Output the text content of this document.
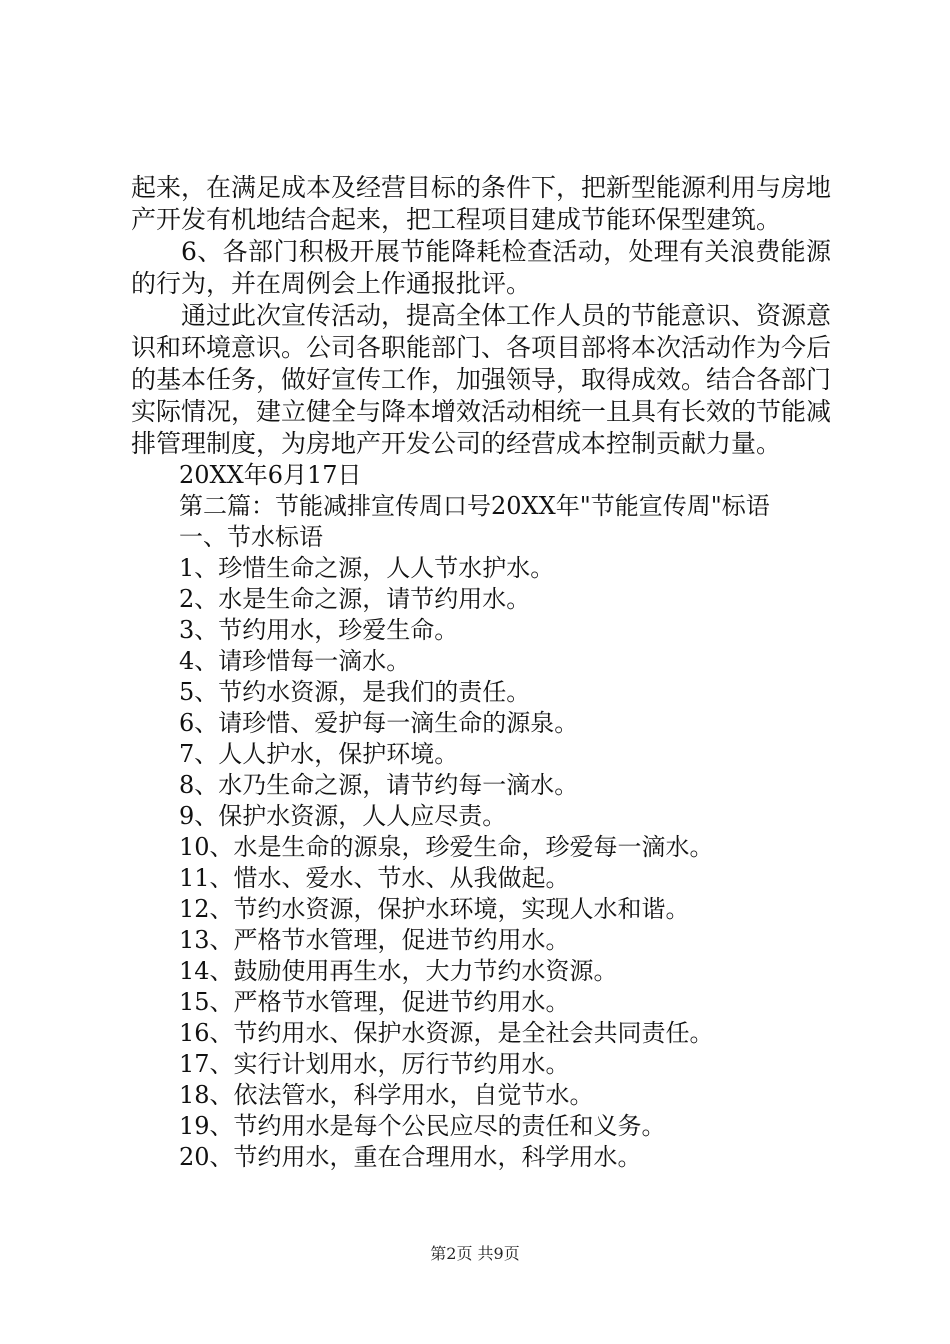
起来，在满足成本及经营目标的条件下，把新型能源利用与房地产开发有机地结合起来，把工程项目建成节能环保型建筑。

6、各部门积极开展节能降耗检查活动，处理有关浪费能源的行为，并在周例会上作通报批评。

通过此次宣传活动，提高全体工作人员的节能意识、资源意识和环境意识。公司各职能部门、各项目部将本次活动作为今后的基本任务，做好宣传工作，加强领导，取得成效。结合各部门实际情况，建立健全与降本增效活动相统一且具有长效的节能减排管理制度，为房地产开发公司的经营成本控制贡献力量。

20XX年6月17日

第二篇：节能减排宣传周口号20XX年"节能宣传周"标语

一、节水标语

1、珍惜生命之源，人人节水护水。

2、水是生命之源，请节约用水。

3、节约用水，珍爱生命。

4、请珍惜每一滴水。

5、节约水资源，是我们的责任。

6、请珍惜、爱护每一滴生命的源泉。

7、人人护水，保护环境。

8、水乃生命之源，请节约每一滴水。

9、保护水资源，人人应尽责。

10、水是生命的源泉，珍爱生命，珍爱每一滴水。

11、惜水、爱水、节水、从我做起。

12、节约水资源，保护水环境，实现人水和谐。

13、严格节水管理，促进节约用水。

14、鼓励使用再生水，大力节约水资源。

15、严格节水管理，促进节约用水。

16、节约用水、保护水资源，是全社会共同责任。

17、实行计划用水，厉行节约用水。

18、依法管水，科学用水，自觉节水。

19、节约用水是每个公民应尽的责任和义务。

20、节约用水，重在合理用水，科学用水。

第2页 共9页
